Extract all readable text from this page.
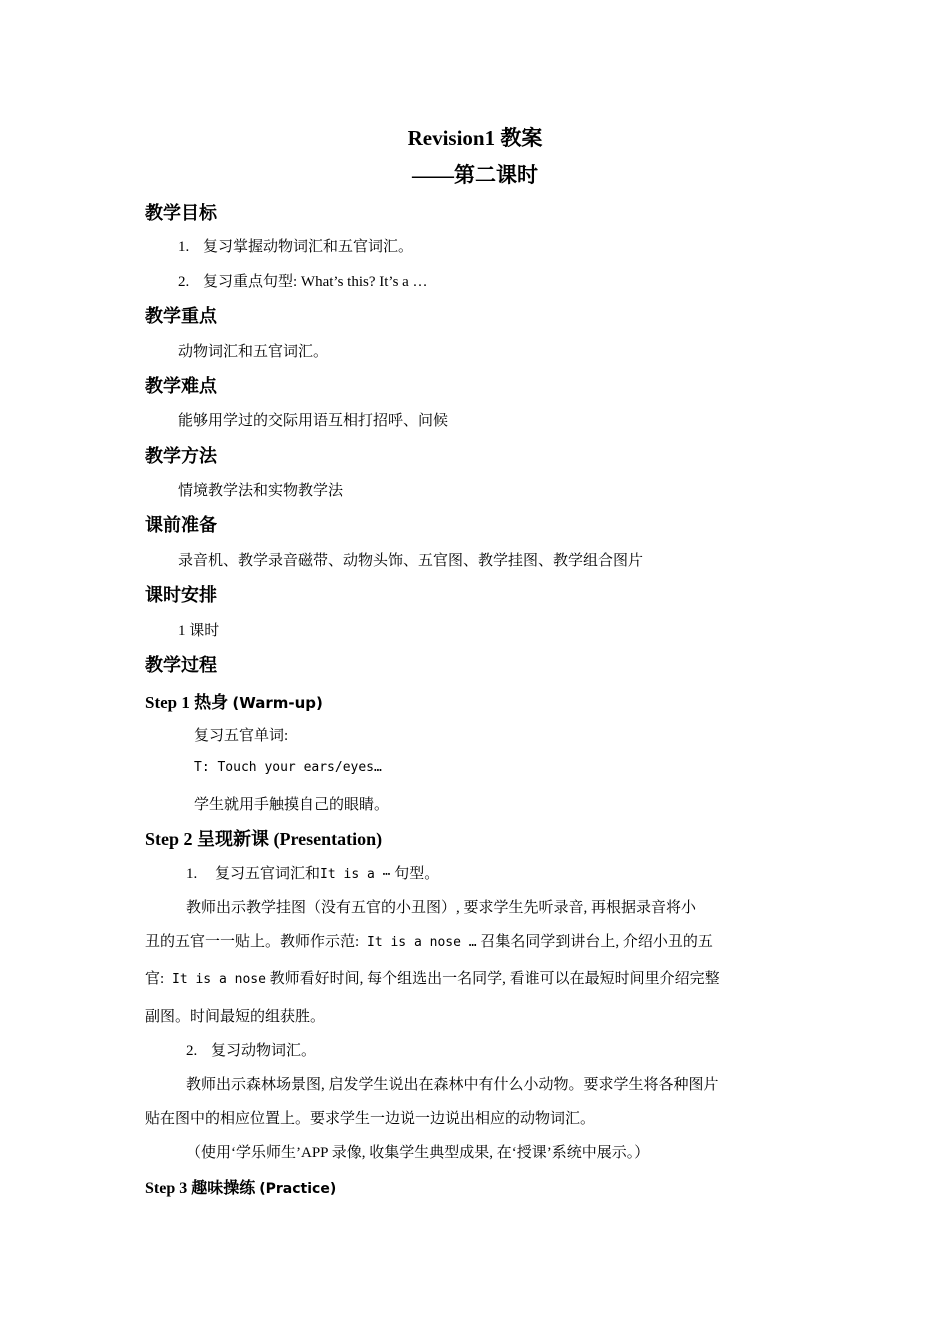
Revision1 教案
——第二课时
教学目标
1. 复习掌握动物词汇和五官词汇。
2. 复习重点句型: What’s this? It’s a …
教学重点
动物词汇和五官词汇。
教学难点
能够用学过的交际用语互相打招呼、问候
教学方法
情境教学法和实物教学法
课前准备
录音机、教学录音磁带、动物头饰、五官图、教学挂图、教学组合图片
课时安排
1 课时
教学过程
Step 1 热身 (Warm-up)
复习五官单词:
T: Touch your ears/eyes…
学生就用手触摸自己的眼睛。
Step 2 呈现新课 (Presentation)
1. 复习五官词汇和It is a ⋯ 句型。
教师出示教学挂图（没有五官的小丑图）, 要求学生先听录音, 再根据录音将小
丑的五官一一贴上。教师作示范: It is a nose … 召集名同学到讲台上, 介绍小丑的五
官: It is a nose 教师看好时间, 每个组选出一名同学, 看谁可以在最短时间里介绍完整
副图。时间最短的组获胜。
2. 复习动物词汇。
教师出示森林场景图, 启发学生说出在森林中有什么小动物。要求学生将各种图片
贴在图中的相应位置上。要求学生一边说一边说出相应的动物词汇。
（使用‘学乐师生’APP 录像, 收集学生典型成果, 在‘授课’系统中展示。）
Step 3 趣味操练 (Practice)
